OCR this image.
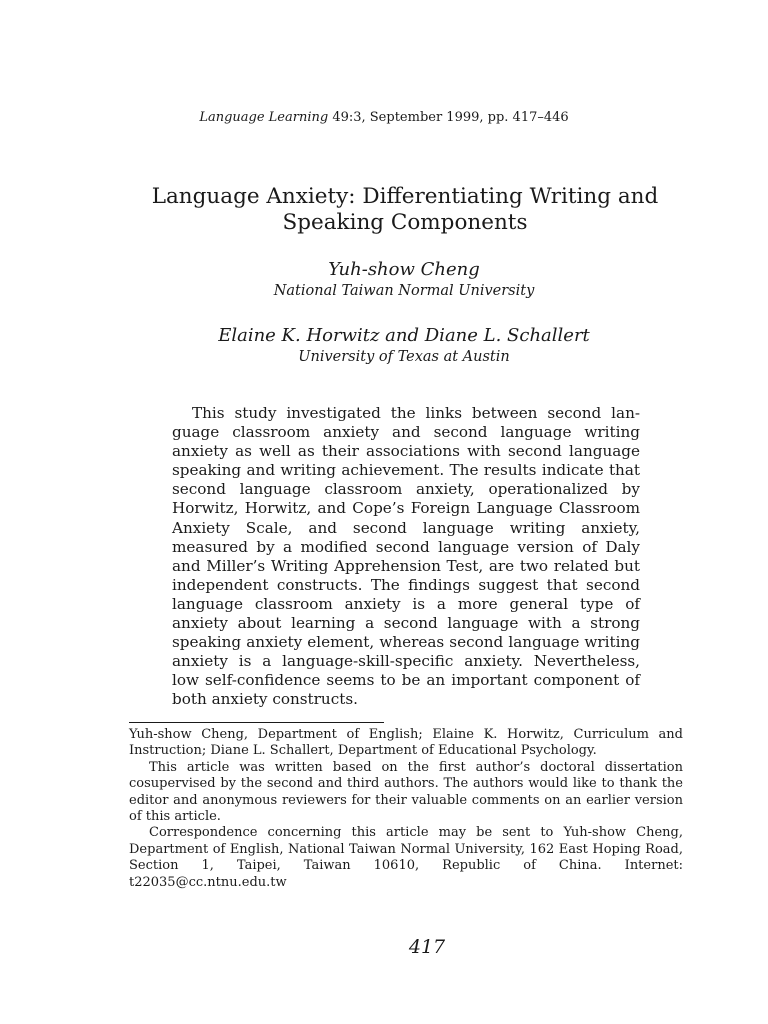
Language Learning 49:3, September 1999, pp. 417–446
Language Anxiety: Differentiating Writing and Speaking Components
Yuh-show Cheng
National Taiwan Normal University
Elaine K. Horwitz and Diane L. Schallert
University of Texas at Austin

This study investigated the links between second language classroom anxiety and second language writing anxiety as well as their associations with second language speaking and writing achievement. The results indicate that second language classroom anxiety, operationalized by Horwitz, Horwitz, and Cope’s Foreign Language Classroom Anxiety Scale, and second language writing anxiety, measured by a modified second language version of Daly and Miller’s Writing Apprehension Test, are two related but independent constructs. The findings suggest that second language classroom anxiety is a more general type of anxiety about learning a second language with a strong speaking anxiety element, whereas second language writing anxiety is a language-skill-specific anxiety. Nevertheless, low self-confidence seems to be an important component of both anxiety constructs.

Yuh-show Cheng, Department of English; Elaine K. Horwitz, Curriculum and Instruction; Diane L. Schallert, Department of Educational Psychology.

This article was written based on the first author’s doctoral dissertation cosupervised by the second and third authors. The authors would like to thank the editor and anonymous reviewers for their valuable comments on an earlier version of this article.

Correspondence concerning this article may be sent to Yuh-show Cheng, Department of English, National Taiwan Normal University, 162 East Hoping Road, Section 1, Taipei, Taiwan 10610, Republic of China. Internet: t22035@cc.ntnu.edu.tw

417
